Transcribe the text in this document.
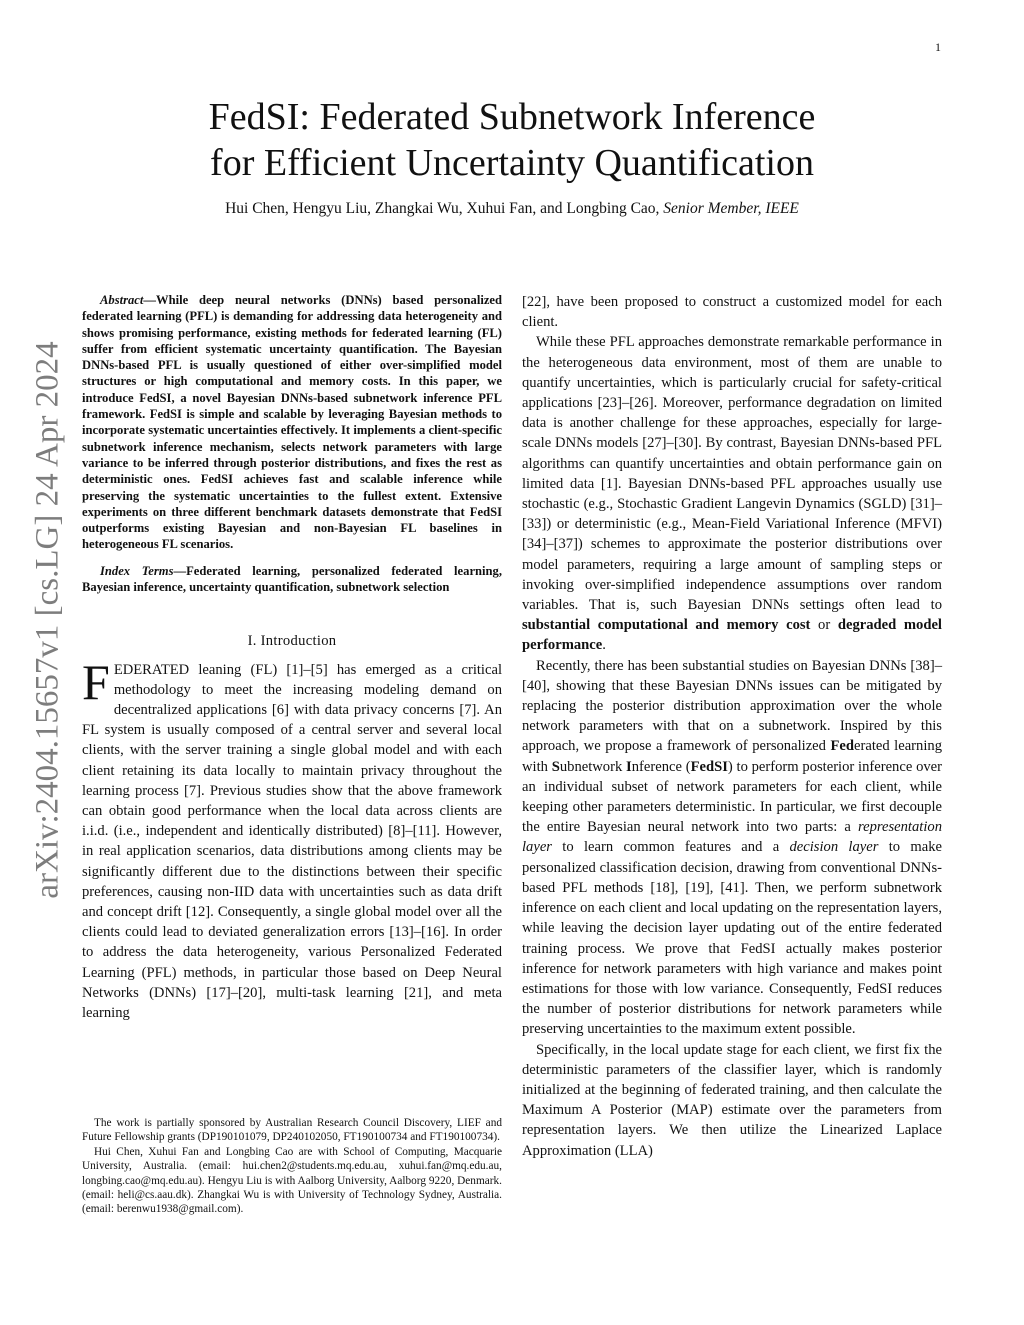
1
arXiv:2404.15657v1 [cs.LG] 24 Apr 2024
FedSI: Federated Subnetwork Inference
for Efficient Uncertainty Quantification
Hui Chen, Hengyu Liu, Zhangkai Wu, Xuhui Fan, and Longbing Cao, Senior Member, IEEE

Abstract—While deep neural networks (DNNs) based personalized federated learning (PFL) is demanding for addressing data heterogeneity and shows promising performance, existing methods for federated learning (FL) suffer from efficient systematic uncertainty quantification. The Bayesian DNNs-based PFL is usually questioned of either over-simplified model structures or high computational and memory costs. In this paper, we introduce FedSI, a novel Bayesian DNNs-based subnetwork inference PFL framework. FedSI is simple and scalable by leveraging Bayesian methods to incorporate systematic uncertainties effectively. It implements a client-specific subnetwork inference mechanism, selects network parameters with large variance to be inferred through posterior distributions, and fixes the rest as deterministic ones. FedSI achieves fast and scalable inference while preserving the systematic uncertainties to the fullest extent. Extensive experiments on three different benchmark datasets demonstrate that FedSI outperforms existing Bayesian and non-Bayesian FL baselines in heterogeneous FL scenarios.

Index Terms—Federated learning, personalized federated learning, Bayesian inference, uncertainty quantification, subnetwork selection

I. Introduction

FEDERATED leaning (FL) [1]–[5] has emerged as a critical methodology to meet the increasing modeling demand on decentralized applications [6] with data privacy concerns [7]. An FL system is usually composed of a central server and several local clients, with the server training a single global model and with each client retaining its data locally to maintain privacy throughout the learning process [7]. Previous studies show that the above framework can obtain good performance when the local data across clients are i.i.d. (i.e., independent and identically distributed) [8]–[11]. However, in real application scenarios, data distributions among clients may be significantly different due to the distinctions between their specific preferences, causing non-IID data with uncertainties such as data drift and concept drift [12]. Consequently, a single global model over all the clients could lead to deviated generalization errors [13]–[16]. In order to address the data heterogeneity, various Personalized Federated Learning (PFL) methods, in particular those based on Deep Neural Networks (DNNs) [17]–[20], multi-task learning [21], and meta learning

The work is partially sponsored by Australian Research Council Discovery, LIEF and Future Fellowship grants (DP190101079, DP240102050, FT190100734 and FT190100734).

Hui Chen, Xuhui Fan and Longbing Cao are with School of Computing, Macquarie University, Australia. (email: hui.chen2@students.mq.edu.au, xuhui.fan@mq.edu.au, longbing.cao@mq.edu.au). Hengyu Liu is with Aalborg University, Aalborg 9220, Denmark. (email: heli@cs.aau.dk). Zhangkai Wu is with University of Technology Sydney, Australia. (email: berenwu1938@gmail.com).

[22], have been proposed to construct a customized model for each client.

While these PFL approaches demonstrate remarkable performance in the heterogeneous data environment, most of them are unable to quantify uncertainties, which is particularly crucial for safety-critical applications [23]–[26]. Moreover, performance degradation on limited data is another challenge for these approaches, especially for large-scale DNNs models [27]–[30]. By contrast, Bayesian DNNs-based PFL algorithms can quantify uncertainties and obtain performance gain on limited data [1]. Bayesian DNNs-based PFL approaches usually use stochastic (e.g., Stochastic Gradient Langevin Dynamics (SGLD) [31]–[33]) or deterministic (e.g., Mean-Field Variational Inference (MFVI) [34]–[37]) schemes to approximate the posterior distributions over model parameters, requiring a large amount of sampling steps or invoking over-simplified independence assumptions over random variables. That is, such Bayesian DNNs settings often lead to substantial computational and memory cost or degraded model performance.

Recently, there has been substantial studies on Bayesian DNNs [38]–[40], showing that these Bayesian DNNs issues can be mitigated by replacing the posterior distribution approximation over the whole network parameters with that on a subnetwork. Inspired by this approach, we propose a framework of personalized Federated learning with Subnetwork Inference (FedSI) to perform posterior inference over an individual subset of network parameters for each client, while keeping other parameters deterministic. In particular, we first decouple the entire Bayesian neural network into two parts: a representation layer to learn common features and a decision layer to make personalized classification decision, drawing from conventional DNNs-based PFL methods [18], [19], [41]. Then, we perform subnetwork inference on each client and local updating on the representation layers, while leaving the decision layer updating out of the entire federated training process. We prove that FedSI actually makes posterior inference for network parameters with high variance and makes point estimations for those with low variance. Consequently, FedSI reduces the number of posterior distributions for network parameters while preserving uncertainties to the maximum extent possible.

Specifically, in the local update stage for each client, we first fix the deterministic parameters of the classifier layer, which is randomly initialized at the beginning of federated training, and then calculate the Maximum A Posterior (MAP) estimate over the parameters from representation layers. We then utilize the Linearized Laplace Approximation (LLA)
